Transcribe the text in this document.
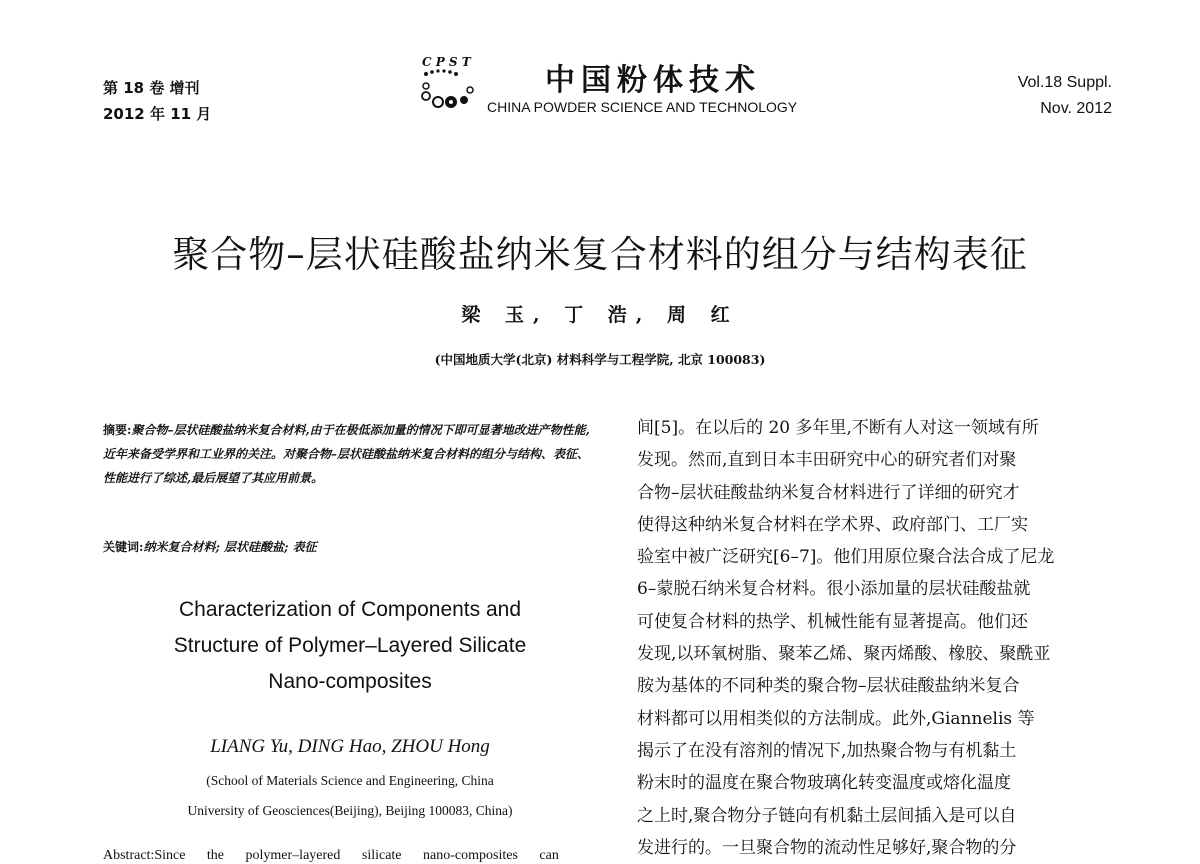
第 18 卷 增刊
2012 年 11 月
C P S T
中国粉体技术
CHINA POWDER SCIENCE AND TECHNOLOGY
Vol.18 Suppl.
Nov. 2012
聚合物–层状硅酸盐纳米复合材料的组分与结构表征
梁 玉, 丁 浩, 周 红
(中国地质大学(北京) 材料科学与工程学院, 北京 100083)
摘要:聚合物–层状硅酸盐纳米复合材料,由于在极低添加量的情况下即可显著地改进产物性能,近年来备受学界和工业界的关注。对聚合物–层状硅酸盐纳米复合材料的组分与结构、表征、性能进行了综述,最后展望了其应用前景。
关键词:纳米复合材料; 层状硅酸盐; 表征
Characterization of Components and
Structure of Polymer–Layered Silicate
Nano-composites
LIANG Yu, DING Hao, ZHOU Hong
(School of Materials Science and Engineering, China
University of Geosciences(Beijing), Beijing 100083, China)
Abstract:Since the polymer–layered silicate nano-composites can

间[5]。在以后的 20 多年里,不断有人对这一领域有所

发现。然而,直到日本丰田研究中心的研究者们对聚

合物–层状硅酸盐纳米复合材料进行了详细的研究才

使得这种纳米复合材料在学术界、政府部门、工厂实

验室中被广泛研究[6–7]。他们用原位聚合法合成了尼龙

6–蒙脱石纳米复合材料。很小添加量的层状硅酸盐就

可使复合材料的热学、机械性能有显著提高。他们还

发现,以环氧树脂、聚苯乙烯、聚丙烯酸、橡胶、聚酰亚

胺为基体的不同种类的聚合物–层状硅酸盐纳米复合

材料都可以用相类似的方法制成。此外,Giannelis 等

揭示了在没有溶剂的情况下,加热聚合物与有机黏土

粉末时的温度在聚合物玻璃化转变温度或熔化温度

之上时,聚合物分子链向有机黏土层间插入是可以自

发进行的。一旦聚合物的流动性足够好,聚合物的分
